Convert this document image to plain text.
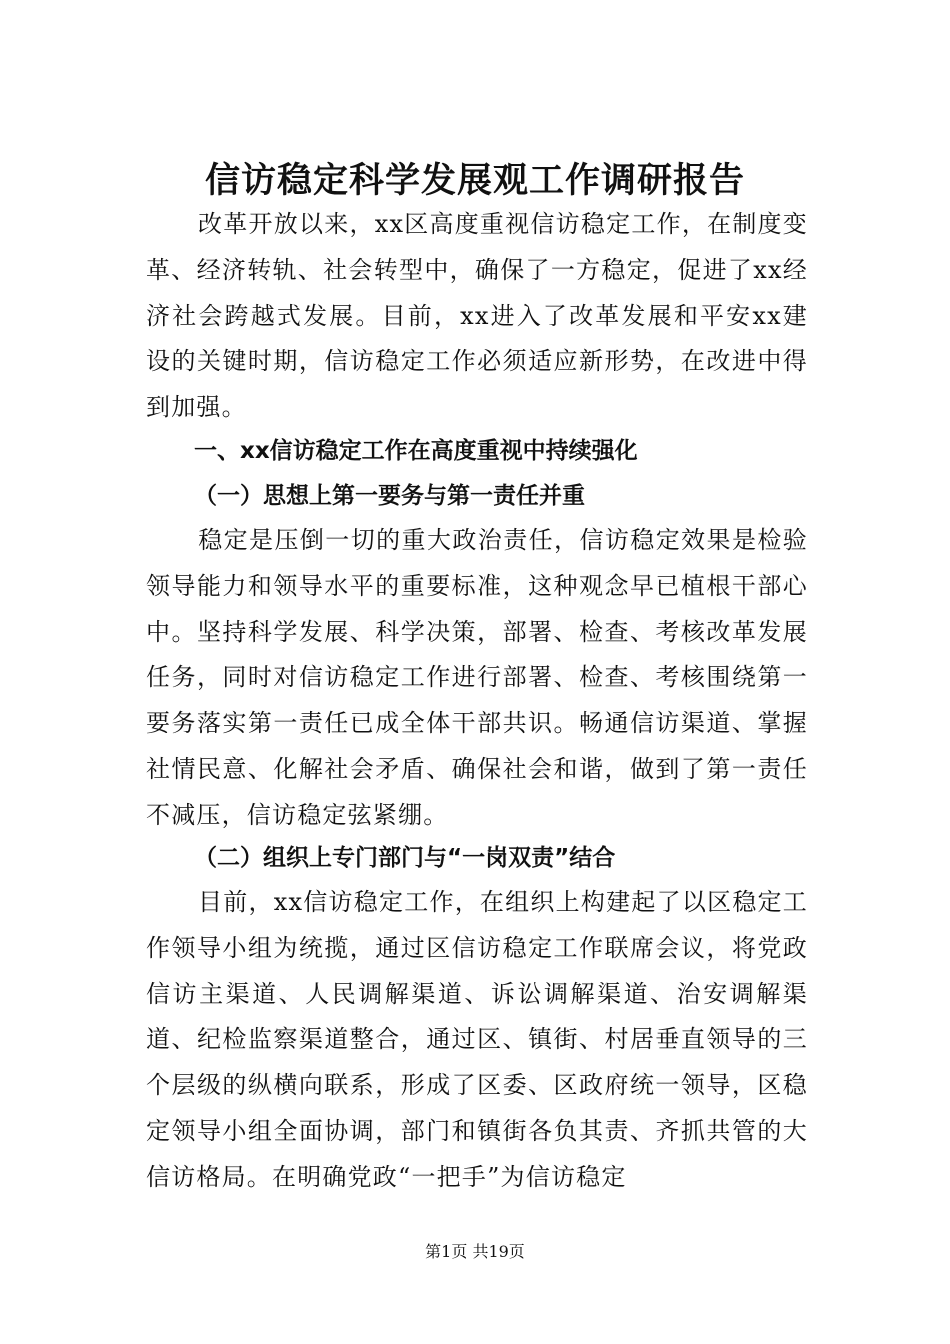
信访稳定科学发展观工作调研报告

改革开放以来，xx区高度重视信访稳定工作，在制度变革、经济转轨、社会转型中，确保了一方稳定，促进了xx经济社会跨越式发展。目前，xx进入了改革发展和平安xx建设的关键时期，信访稳定工作必须适应新形势，在改进中得到加强。

一、xx信访稳定工作在高度重视中持续强化
（一）思想上第一要务与第一责任并重

稳定是压倒一切的重大政治责任，信访稳定效果是检验领导能力和领导水平的重要标准，这种观念早已植根干部心中。坚持科学发展、科学决策，部署、检查、考核改革发展任务，同时对信访稳定工作进行部署、检查、考核围绕第一要务落实第一责任已成全体干部共识。畅通信访渠道、掌握社情民意、化解社会矛盾、确保社会和谐，做到了第一责任不减压，信访稳定弦紧绷。

（二）组织上专门部门与“一岗双责”结合

目前，xx信访稳定工作，在组织上构建起了以区稳定工作领导小组为统揽，通过区信访稳定工作联席会议，将党政信访主渠道、人民调解渠道、诉讼调解渠道、治安调解渠道、纪检监察渠道整合，通过区、镇街、村居垂直领导的三个层级的纵横向联系，形成了区委、区政府统一领导，区稳定领导小组全面协调，部门和镇街各负其责、齐抓共管的大信访格局。在明确党政“一把手”为信访稳定

第1页 共19页
